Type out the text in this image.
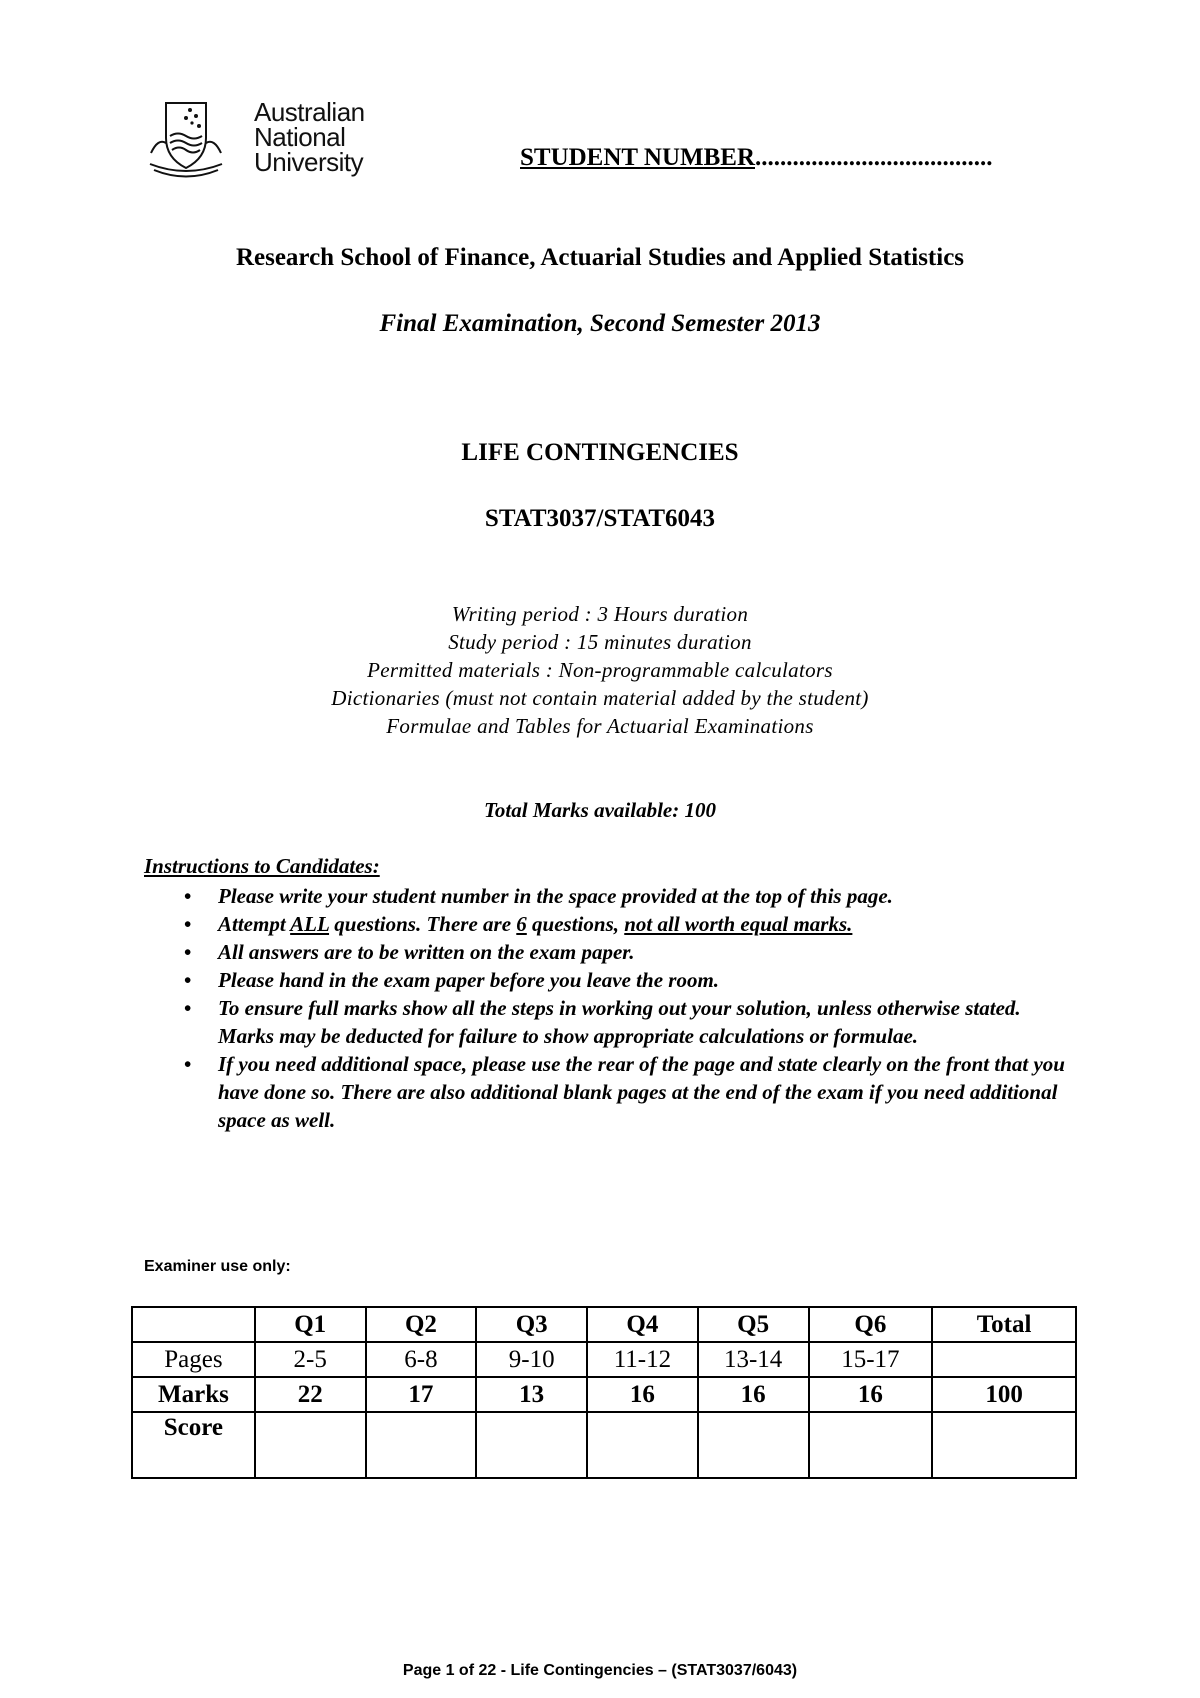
Australian
National
University	STUDENT NUMBER......................................
Research School of Finance, Actuarial Studies and Applied Statistics
Final Examination, Second Semester 2013
LIFE CONTINGENCIES
STAT3037/STAT6043
Writing period : 3 Hours duration
Study period : 15 minutes duration
Permitted materials : Non-programmable calculators
Dictionaries (must not contain material added by the student)
Formulae and Tables for Actuarial Examinations
Total Marks available: 100
Instructions to Candidates:
• Please write your student number in the space provided at the top of this page.
• Attempt ALL questions. There are 6 questions, not all worth equal marks.
• All answers are to be written on the exam paper.
• Please hand in the exam paper before you leave the room.
• To ensure full marks show all the steps in working out your solution, unless otherwise stated. Marks may be deducted for failure to show appropriate calculations or formulae.
• If you need additional space, please use the rear of the page and state clearly on the front that you have done so. There are also additional blank pages at the end of the exam if you need additional space as well.
Examiner use only:
	Q1	Q2	Q3	Q4	Q5	Q6	Total
Pages	2-5	6-8	9-10	11-12	13-14	15-17	
Marks	22	17	13	16	16	16	100
Score							
Page 1 of 22 - Life Contingencies – (STAT3037/6043)
